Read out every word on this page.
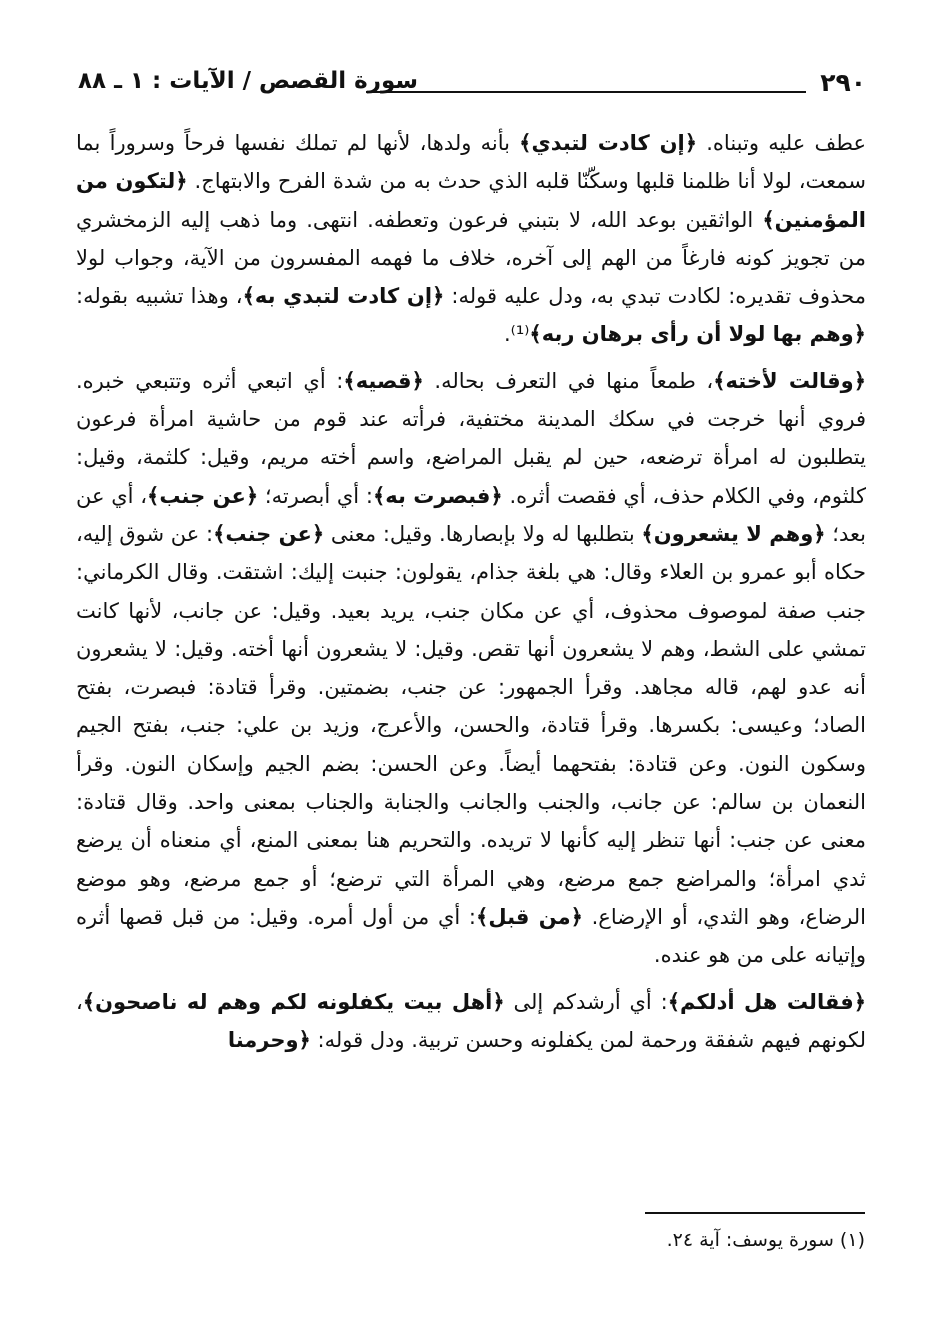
٢٩٠
سورة القصص / الآيات : ١ ـ ٨٨

عطف عليه وتبناه. ﴿إن كادت لتبدي﴾ بأنه ولدها، لأنها لم تملك نفسها فرحاً وسروراً بما سمعت، لولا أنا ظلمنا قلبها وسكّنّا قلبه الذي حدث به من شدة الفرح والابتهاج. ﴿لتكون من المؤمنين﴾ الواثقين بوعد الله، لا بتبني فرعون وتعطفه. انتهى. وما ذهب إليه الزمخشري من تجويز كونه فارغاً من الهم إلى آخره، خلاف ما فهمه المفسرون من الآية، وجواب لولا محذوف تقديره: لكادت تبدي به، ودل عليه قوله: ﴿إن كادت لتبدي به﴾، وهذا تشبيه بقوله: ﴿وهم بها لولا أن رأى برهان ربه﴾⁽¹⁾.

﴿وقالت لأخته﴾، طمعاً منها في التعرف بحاله. ﴿قصيه﴾: أي اتبعي أثره وتتبعي خبره. فروي أنها خرجت في سكك المدينة مختفية، فرأته عند قوم من حاشية امرأة فرعون يتطلبون له امرأة ترضعه، حين لم يقبل المراضع، واسم أخته مريم، وقيل: كلثمة، وقيل: كلثوم، وفي الكلام حذف، أي فقصت أثره. ﴿فبصرت به﴾: أي أبصرته؛ ﴿عن جنب﴾، أي عن بعد؛ ﴿وهم لا يشعرون﴾ بتطلبها له ولا بإبصارها. وقيل: معنى ﴿عن جنب﴾: عن شوق إليه، حكاه أبو عمرو بن العلاء وقال: هي بلغة جذام، يقولون: جنبت إليك: اشتقت. وقال الكرماني: جنب صفة لموصوف محذوف، أي عن مكان جنب، يريد بعيد. وقيل: عن جانب، لأنها كانت تمشي على الشط، وهم لا يشعرون أنها تقص. وقيل: لا يشعرون أنها أخته. وقيل: لا يشعرون أنه عدو لهم، قاله مجاهد. وقرأ الجمهور: عن جنب، بضمتين. وقرأ قتادة: فبصرت، بفتح الصاد؛ وعيسى: بكسرها. وقرأ قتادة، والحسن، والأعرج، وزيد بن علي: جنب، بفتح الجيم وسكون النون. وعن قتادة: بفتحهما أيضاً. وعن الحسن: بضم الجيم وإسكان النون. وقرأ النعمان بن سالم: عن جانب، والجنب والجانب والجنابة والجناب بمعنى واحد. وقال قتادة: معنى عن جنب: أنها تنظر إليه كأنها لا تريده. والتحريم هنا بمعنى المنع، أي منعناه أن يرضع ثدي امرأة؛ والمراضع جمع مرضع، وهي المرأة التي ترضع؛ أو جمع مرضع، وهو موضع الرضاع، وهو الثدي، أو الإرضاع. ﴿من قبل﴾: أي من أول أمره. وقيل: من قبل قصها أثره وإتيانه على من هو عنده.

﴿فقالت هل أدلكم﴾: أي أرشدكم إلى ﴿أهل بيت يكفلونه لكم وهم له ناصحون﴾، لكونهم فيهم شفقة ورحمة لمن يكفلونه وحسن تربية. ودل قوله: ﴿وحرمنا

(١) سورة يوسف: آية ٢٤.
